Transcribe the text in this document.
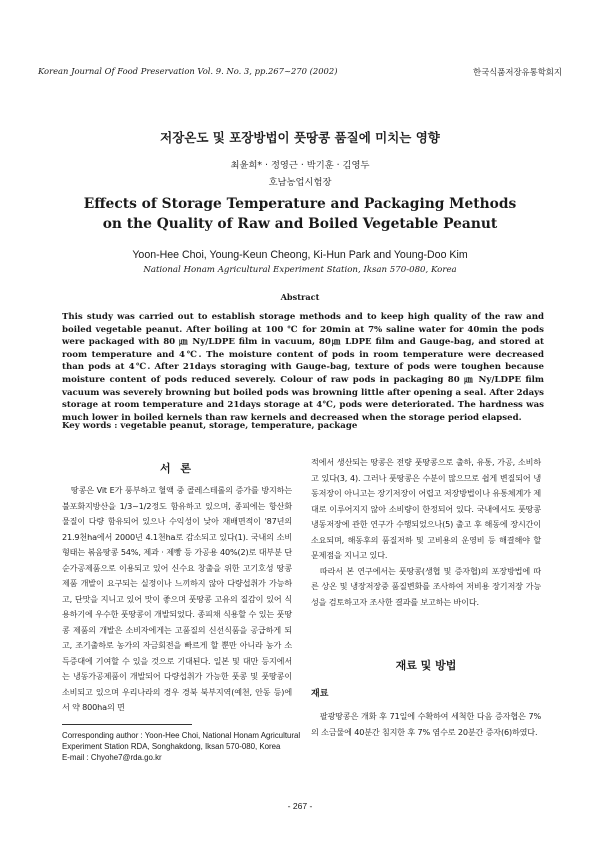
Korean Journal Of Food Preservation Vol. 9. No. 3, pp.267~270 (2002)	한국식품저장유통학회지
저장온도 및 포장방법이 풋땅콩 품질에 미치는 영향
최윤희* · 정영근 · 박기훈 · 김영두
호남농업시험장
Effects of Storage Temperature and Packaging Methods
on the Quality of Raw and Boiled Vegetable Peanut
Yoon-Hee Choi, Young-Keun Cheong, Ki-Hun Park and Young-Doo Kim
National Honam Agricultural Experiment Station, Iksan 570-080, Korea
Abstract
This study was carried out to establish storage methods and to keep high quality of the raw and boiled vegetable peanut. After boiling at 100 ℃ for 20min at 7% saline water for 40min the pods were packaged with 80 ㎛ Ny/LDPE film in vacuum, 80㎛ LDPE film and Gauge-bag, and stored at room temperature and 4℃. The moisture content of pods in room temperature were decreased than pods at 4℃. After 21days storaging with Gauge-bag, texture of pods were toughen because moisture content of pods reduced severely. Colour of raw pods in packaging 80 ㎛ Ny/LDPE film vacuum was severely browning but boiled pods was browning little after opening a seal. After 2days storage at room temperature and 21days storage at 4℃, pods were deteriorated. The hardness was much lower in boiled kernels than raw kernels and decreased when the storage period elapsed.
Key words : vegetable peanut, storage, temperature, package
서 론

땅콩은 Vit E가 풍부하고 혈액 중 콜레스테롤의 증가를 방지하는 불포화지방산을 1/3~1/2정도 함유하고 있으며, 종피에는 항산화물질이 다량 함유되어 있으나 수익성이 낮아 재배면적이 '87년의 21.9천ha에서 2000년 4.1천ha로 감소되고 있다(1). 국내의 소비형태는 볶음땅콩 54%, 제과 · 제빵 등 가공용 40%(2)로 대부분 단순가공제품으로 이용되고 있어 신수요 창출을 위한 고기호성 땅콩제품 개발이 요구되는 실정이나 느끼하지 않아 다량섭취가 가능하고, 단맛을 지니고 있어 맛이 좋으며 풋땅콩 고유의 질감이 있어 식용하기에 우수한 풋땅콩이 개발되었다. 종피채 식용할 수 있는 풋땅콩 제품의 개발은 소비자에게는 고품질의 신선식품을 공급하게 되고, 조기출하로 농가의 자금회전을 빠르게 할 뿐만 아니라 농가 소득증대에 기여할 수 있을 것으로 기대된다. 일본 및 대만 등지에서는 냉동가공제품이 개발되어 다량섭취가 가능한 풋콩 및 풋땅콩이 소비되고 있으며 우리나라의 경우 경북 북부지역(예천, 안동 등)에서 약 800ha의 면

적에서 생산되는 땅콩은 전량 풋땅콩으로 출하, 유통, 가공, 소비하고 있다(3, 4). 그러나 풋땅콩은 수분이 많으므로 쉽게 변질되어 냉동저장이 아니고는 장기저장이 어렵고 저장방법이나 유통체계가 제대로 이루어지지 않아 소비량이 한정되어 있다. 국내에서도 풋땅콩 냉동저장에 관한 연구가 수행되었으나(5) 출고 후 해동에 장시간이 소요되며, 해동후의 품질저하 및 고비용의 운영비 등 해결해야 할 문제점을 지니고 있다.

따라서 본 연구에서는 풋땅콩(생협 및 증자협)의 포장방법에 따른 상온 및 냉장저장중 품질변화를 조사하여 저비용 장기저장 가능성을 검토하고자 조사한 결과를 보고하는 바이다.

재료 및 방법
재료

팔광땅콩은 개화 후 71일에 수확하여 세척한 다음 증자협은 7%의 소금물에 40분간 침지한 후 7% 염수로 20분간 증자(6)하였다.

Corresponding author : Yoon-Hee Choi, National Honam Agricultural
Experiment Station RDA, Songhakdong, Iksan 570-080, Korea
E-mail : Chyohe7@rda.go.kr
- 267 -
